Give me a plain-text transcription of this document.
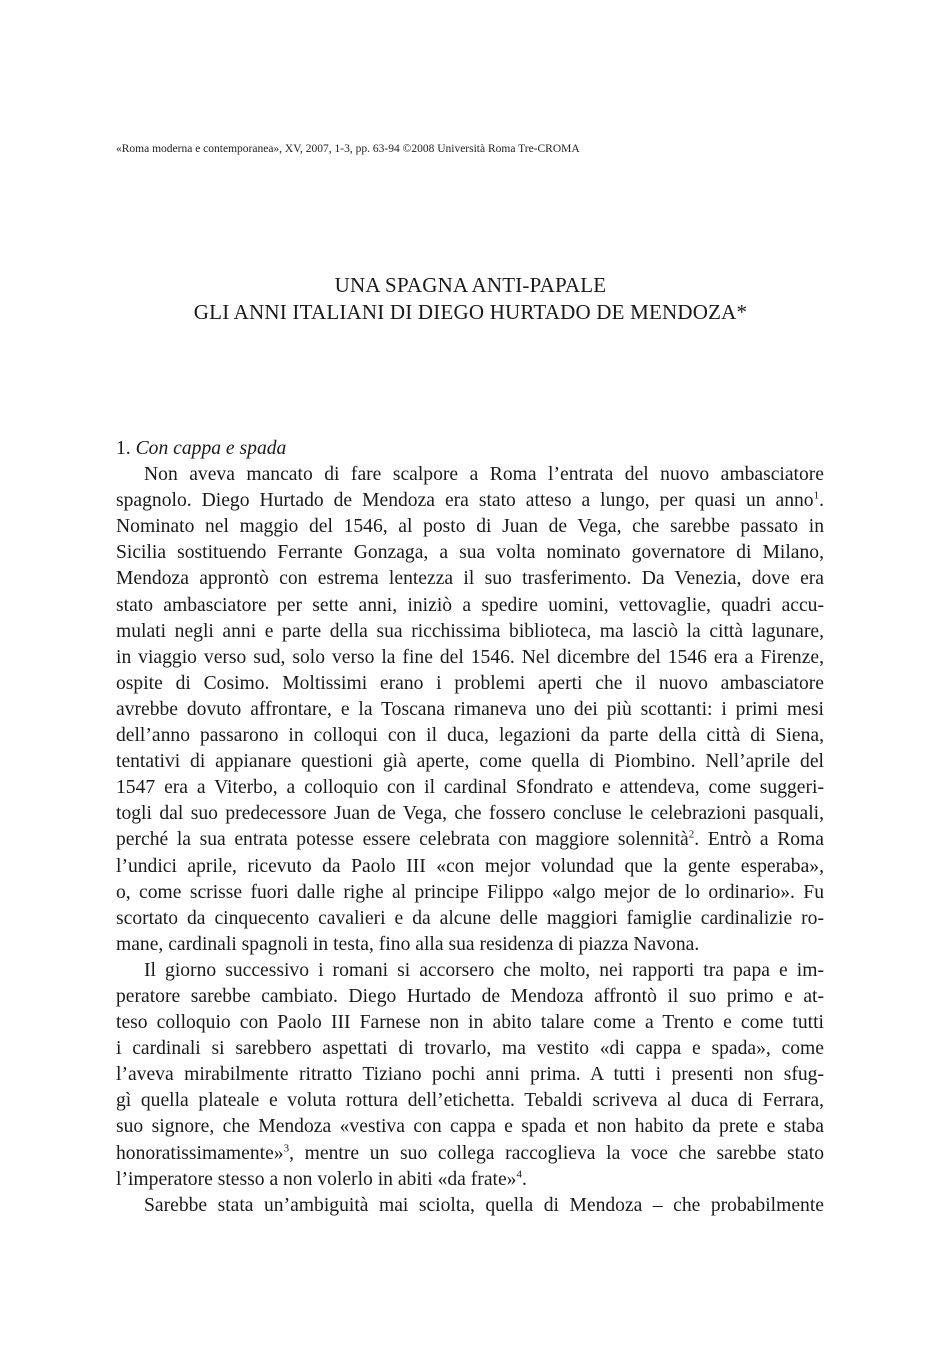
«Roma moderna e contemporanea», XV, 2007, 1-3, pp. 63-94 ©2008 Università Roma Tre-CROMA
UNA SPAGNA ANTI-PAPALE
GLI ANNI ITALIANI DI DIEGO HURTADO DE MENDOZA*
1. Con cappa e spada
Non aveva mancato di fare scalpore a Roma l’entrata del nuovo ambasciatore
spagnolo. Diego Hurtado de Mendoza era stato atteso a lungo, per quasi un anno$^1$.
Nominato nel maggio del 1546, al posto di Juan de Vega, che sarebbe passato in
Sicilia sostituendo Ferrante Gonzaga, a sua volta nominato governatore di Milano,
Mendoza approntò con estrema lentezza il suo trasferimento. Da Venezia, dove era
stato ambasciatore per sette anni, iniziò a spedire uomini, vettovaglie, quadri accu-
mulati negli anni e parte della sua ricchissima biblioteca, ma lasciò la città lagunare,
in viaggio verso sud, solo verso la fine del 1546. Nel dicembre del 1546 era a Firenze,
ospite di Cosimo. Moltissimi erano i problemi aperti che il nuovo ambasciatore
avrebbe dovuto affrontare, e la Toscana rimaneva uno dei più scottanti: i primi mesi
dell’anno passarono in colloqui con il duca, legazioni da parte della città di Siena,
tentativi di appianare questioni già aperte, come quella di Piombino. Nell’aprile del
1547 era a Viterbo, a colloquio con il cardinal Sfondrato e attendeva, come suggeri-
togli dal suo predecessore Juan de Vega, che fossero concluse le celebrazioni pasquali,
perché la sua entrata potesse essere celebrata con maggiore solennità$^2$. Entrò a Roma
l’undici aprile, ricevuto da Paolo III «con mejor volundad que la gente esperaba»,
o, come scrisse fuori dalle righe al principe Filippo «algo mejor de lo ordinario». Fu
scortato da cinquecento cavalieri e da alcune delle maggiori famiglie cardinalizie ro-
mane, cardinali spagnoli in testa, fino alla sua residenza di piazza Navona.
Il giorno successivo i romani si accorsero che molto, nei rapporti tra papa e im-
peratore sarebbe cambiato. Diego Hurtado de Mendoza affrontò il suo primo e at-
teso colloquio con Paolo III Farnese non in abito talare come a Trento e come tutti
i cardinali si sarebbero aspettati di trovarlo, ma vestito «di cappa e spada», come
l’aveva mirabilmente ritratto Tiziano pochi anni prima. A tutti i presenti non sfug-
gì quella plateale e voluta rottura dell’etichetta. Tebaldi scriveva al duca di Ferrara,
suo signore, che Mendoza «vestiva con cappa e spada et non habito da prete e staba
honoratissimamente»$^3$, mentre un suo collega raccoglieva la voce che sarebbe stato
l’imperatore stesso a non volerlo in abiti «da frate»$^4$.
Sarebbe stata un’ambiguità mai sciolta, quella di Mendoza – che probabilmente
